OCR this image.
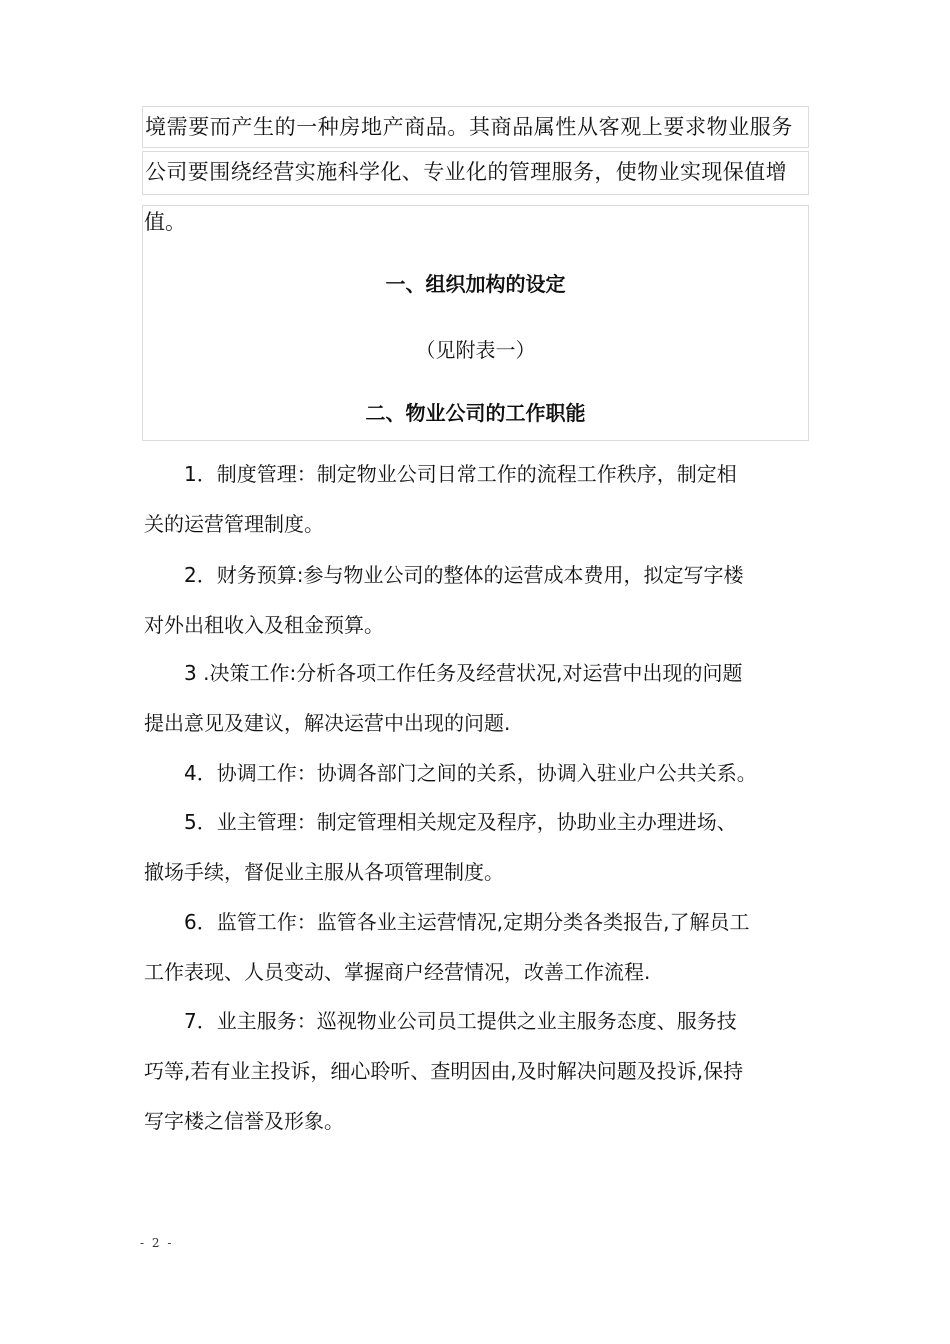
境需要而产生的一种房地产商品。其商品属性从客观上要求物业服务
公司要围绕经营实施科学化、专业化的管理服务，使物业实现保值增
值。
一、组织加构的设定
（见附表一）
二、物业公司的工作职能
1．制度管理：制定物业公司日常工作的流程工作秩序，制定相
关的运营管理制度。
2．财务预算:参与物业公司的整体的运营成本费用，拟定写字楼
对外出租收入及租金预算。
3 .决策工作:分析各项工作任务及经营状况,对运营中出现的问题
提出意见及建议，解决运营中出现的问题.
4．协调工作：协调各部门之间的关系，协调入驻业户公共关系。
5．业主管理：制定管理相关规定及程序，协助业主办理进场、
撤场手续，督促业主服从各项管理制度。
6．监管工作：监管各业主运营情况,定期分类各类报告,了解员工
工作表现、人员变动、掌握商户经营情况，改善工作流程.
7．业主服务：巡视物业公司员工提供之业主服务态度、服务技
巧等,若有业主投诉，细心聆听、查明因由,及时解决问题及投诉,保持
写字楼之信誉及形象。
- 2 -
